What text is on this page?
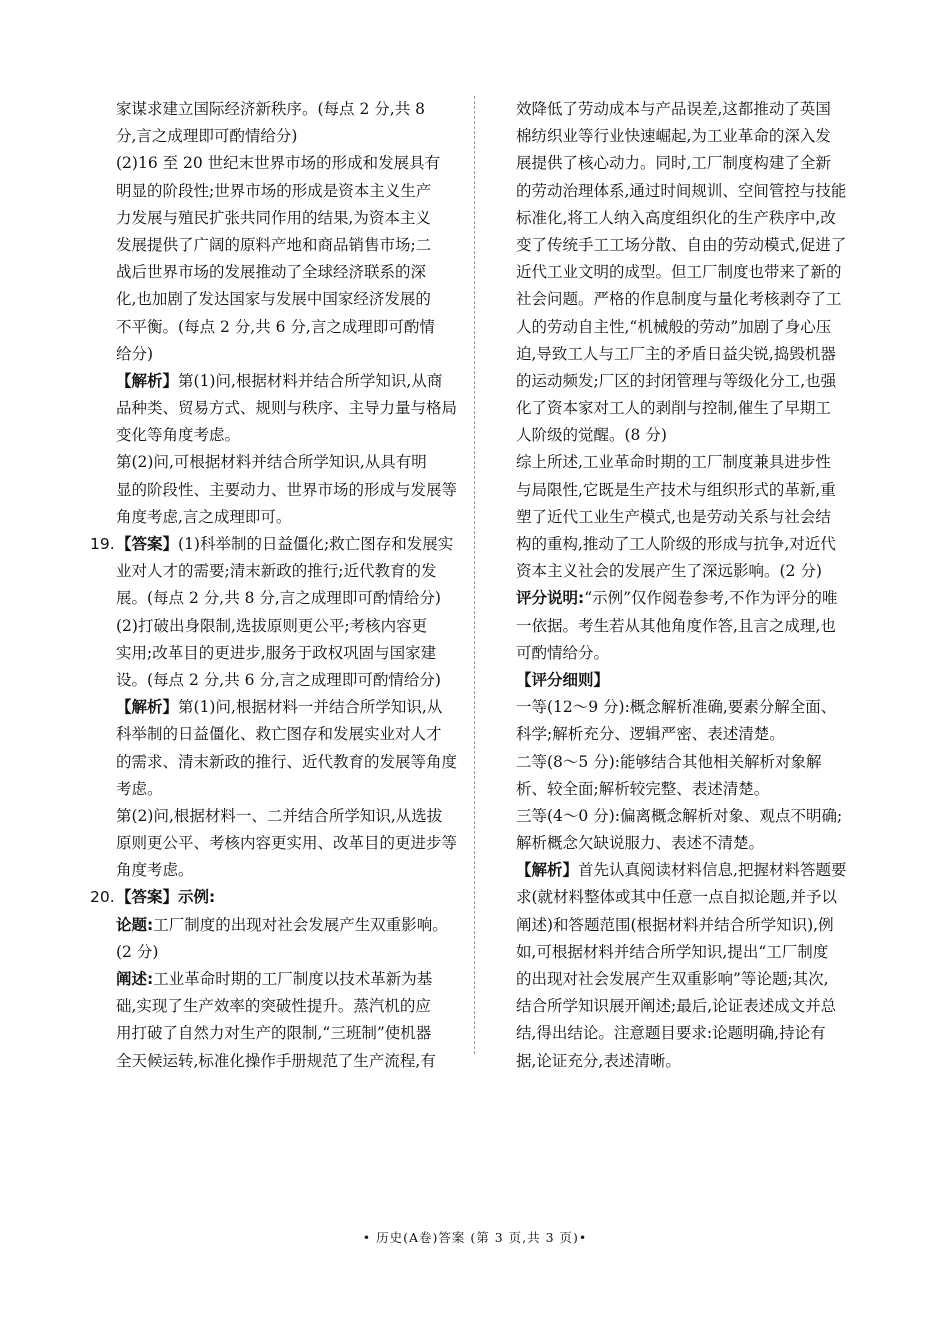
家谋求建立国际经济新秩序。(每点 2 分,共 8
分,言之成理即可酌情给分)
(2)16 至 20 世纪末世界市场的形成和发展具有
明显的阶段性;世界市场的形成是资本主义生产
力发展与殖民扩张共同作用的结果,为资本主义
发展提供了广阔的原料产地和商品销售市场;二
战后世界市场的发展推动了全球经济联系的深
化,也加剧了发达国家与发展中国家经济发展的
不平衡。(每点 2 分,共 6 分,言之成理即可酌情
给分)
【解析】第(1)问,根据材料并结合所学知识,从商
品种类、贸易方式、规则与秩序、主导力量与格局
变化等角度考虑。
第(2)问,可根据材料并结合所学知识,从具有明
显的阶段性、主要动力、世界市场的形成与发展等
角度考虑,言之成理即可。
19. 【答案】(1)科举制的日益僵化;救亡图存和发展实
业对人才的需要;清末新政的推行;近代教育的发
展。(每点 2 分,共 8 分,言之成理即可酌情给分)
(2)打破出身限制,选拔原则更公平;考核内容更
实用;改革目的更进步,服务于政权巩固与国家建
设。(每点 2 分,共 6 分,言之成理即可酌情给分)
【解析】第(1)问,根据材料一并结合所学知识,从
科举制的日益僵化、救亡图存和发展实业对人才
的需求、清末新政的推行、近代教育的发展等角度
考虑。
第(2)问,根据材料一、二并结合所学知识,从选拔
原则更公平、考核内容更实用、改革目的更进步等
角度考虑。
20. 【答案】示例:
论题:工厂制度的出现对社会发展产生双重影响。
(2 分)
阐述:工业革命时期的工厂制度以技术革新为基
础,实现了生产效率的突破性提升。蒸汽机的应
用打破了自然力对生产的限制,“三班制”使机器
全天候运转,标准化操作手册规范了生产流程,有
效降低了劳动成本与产品误差,这都推动了英国
棉纺织业等行业快速崛起,为工业革命的深入发
展提供了核心动力。同时,工厂制度构建了全新
的劳动治理体系,通过时间规训、空间管控与技能
标准化,将工人纳入高度组织化的生产秩序中,改
变了传统手工工场分散、自由的劳动模式,促进了
近代工业文明的成型。但工厂制度也带来了新的
社会问题。严格的作息制度与量化考核剥夺了工
人的劳动自主性,“机械般的劳动”加剧了身心压
迫,导致工人与工厂主的矛盾日益尖锐,捣毁机器
的运动频发;厂区的封闭管理与等级化分工,也强
化了资本家对工人的剥削与控制,催生了早期工
人阶级的觉醒。(8 分)
综上所述,工业革命时期的工厂制度兼具进步性
与局限性,它既是生产技术与组织形式的革新,重
塑了近代工业生产模式,也是劳动关系与社会结
构的重构,推动了工人阶级的形成与抗争,对近代
资本主义社会的发展产生了深远影响。(2 分)
评分说明:“示例”仅作阅卷参考,不作为评分的唯
一依据。考生若从其他角度作答,且言之成理,也
可酌情给分。
【评分细则】
一等(12～9 分):概念解析准确,要素分解全面、
科学;解析充分、逻辑严密、表述清楚。
二等(8～5 分):能够结合其他相关解析对象解
析、较全面;解析较完整、表述清楚。
三等(4～0 分):偏离概念解析对象、观点不明确;
解析概念欠缺说服力、表述不清楚。
【解析】首先认真阅读材料信息,把握材料答题要
求(就材料整体或其中任意一点自拟论题,并予以
阐述)和答题范围(根据材料并结合所学知识),例
如,可根据材料并结合所学知识,提出“工厂制度
的出现对社会发展产生双重影响”等论题;其次,
结合所学知识展开阐述;最后,论证表述成文并总
结,得出结论。注意题目要求:论题明确,持论有
据,论证充分,表述清晰。
• 历史(A卷)答案 (第 3 页,共 3 页)•
